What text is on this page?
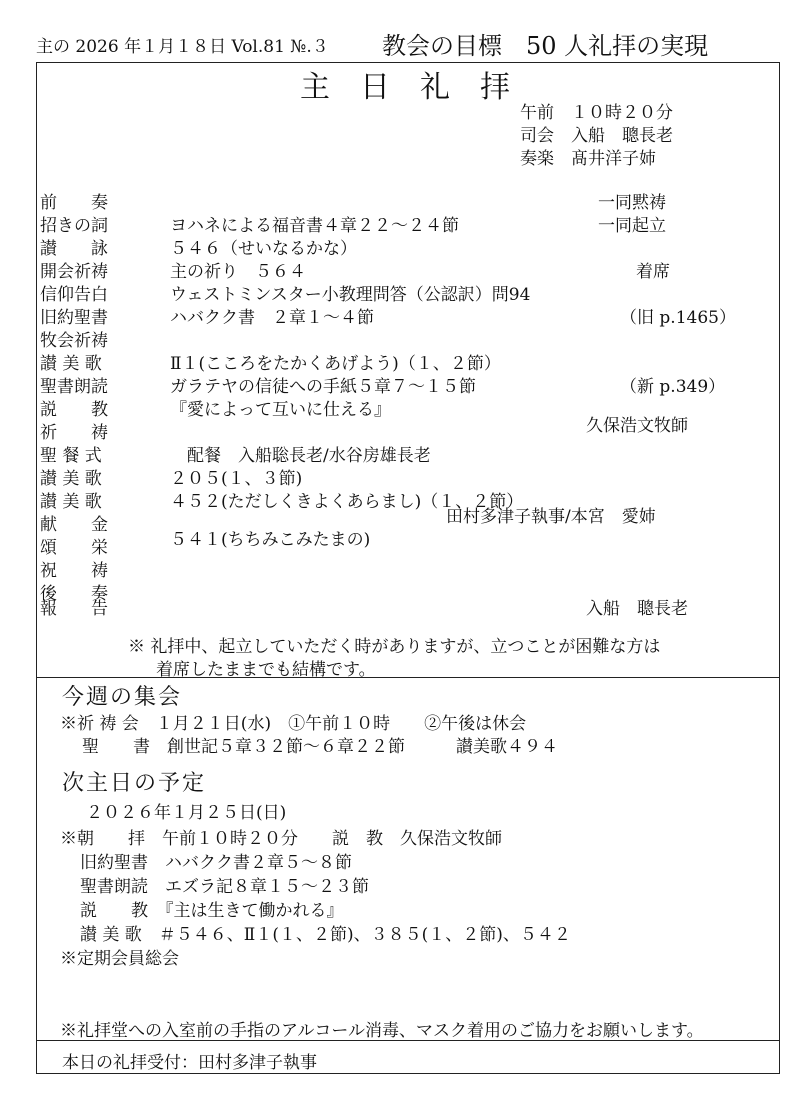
主の 2026 年１月１８日 Vol.81 №.３ 教会の目標　50 人礼拝の実現
主日礼拝
午前　１０時２０分
司会　入船　聰長老
奏楽　髙井洋子姉
前　　奏	一同黙祷
招きの詞	ヨハネによる福音書４章２２～２４節	一同起立
讃　　詠	５４６（せいなるかな）
開会祈祷	主の祈り　５６４	着席
信仰告白	ウェストミンスター小教理問答（公認訳）問94
旧約聖書	ハバクク書　２章１～４節	（旧 p.1465）
牧会祈祷
讃 美 歌	Ⅱ１(こころをたかくあげよう)（１、２節）
聖書朗読	ガラテヤの信徒への手紙５章７～１５節	（新 p.349）
説　　教	『愛によって互いに仕える』
祈　　祷	久保浩文牧師
聖 餐 式	　配餐　入船聡長老/水谷房雄長老
讃 美 歌	２０５(１、３節)
讃 美 歌	４５２(ただしくきよくあらまし)（１、２節）
献　　金	田村多津子執事/本宮　愛姉
頌　　栄	５４１(ちちみこみたまの)
祝　　祷
後　　奏
報　　告	入船　聰長老
※ 礼拝中、起立していただく時がありますが、立つことが困難な方は
着席したままでも結構です。
今週の集会
※祈 祷 会　１月２１日(水)　①午前１０時　　②午後は休会
聖　　書　創世記５章３２節～６章２２節　　　讃美歌４９４
次主日の予定
２０２６年１月２５日(日)
※朝　　拝　午前１０時２０分　　説　教　久保浩文牧師
旧約聖書　ハバクク書２章５～８節
聖書朗読　エズラ記８章１５～２３節
説　　教　『主は生きて働かれる』
讃 美 歌　＃５４６、Ⅱ１(１、２節)、３８５(１、２節)、５４２
※定期会員総会
※礼拝堂への入室前の手指のアルコール消毒、マスク着用のご協力をお願いします。
本日の礼拝受付：田村多津子執事
